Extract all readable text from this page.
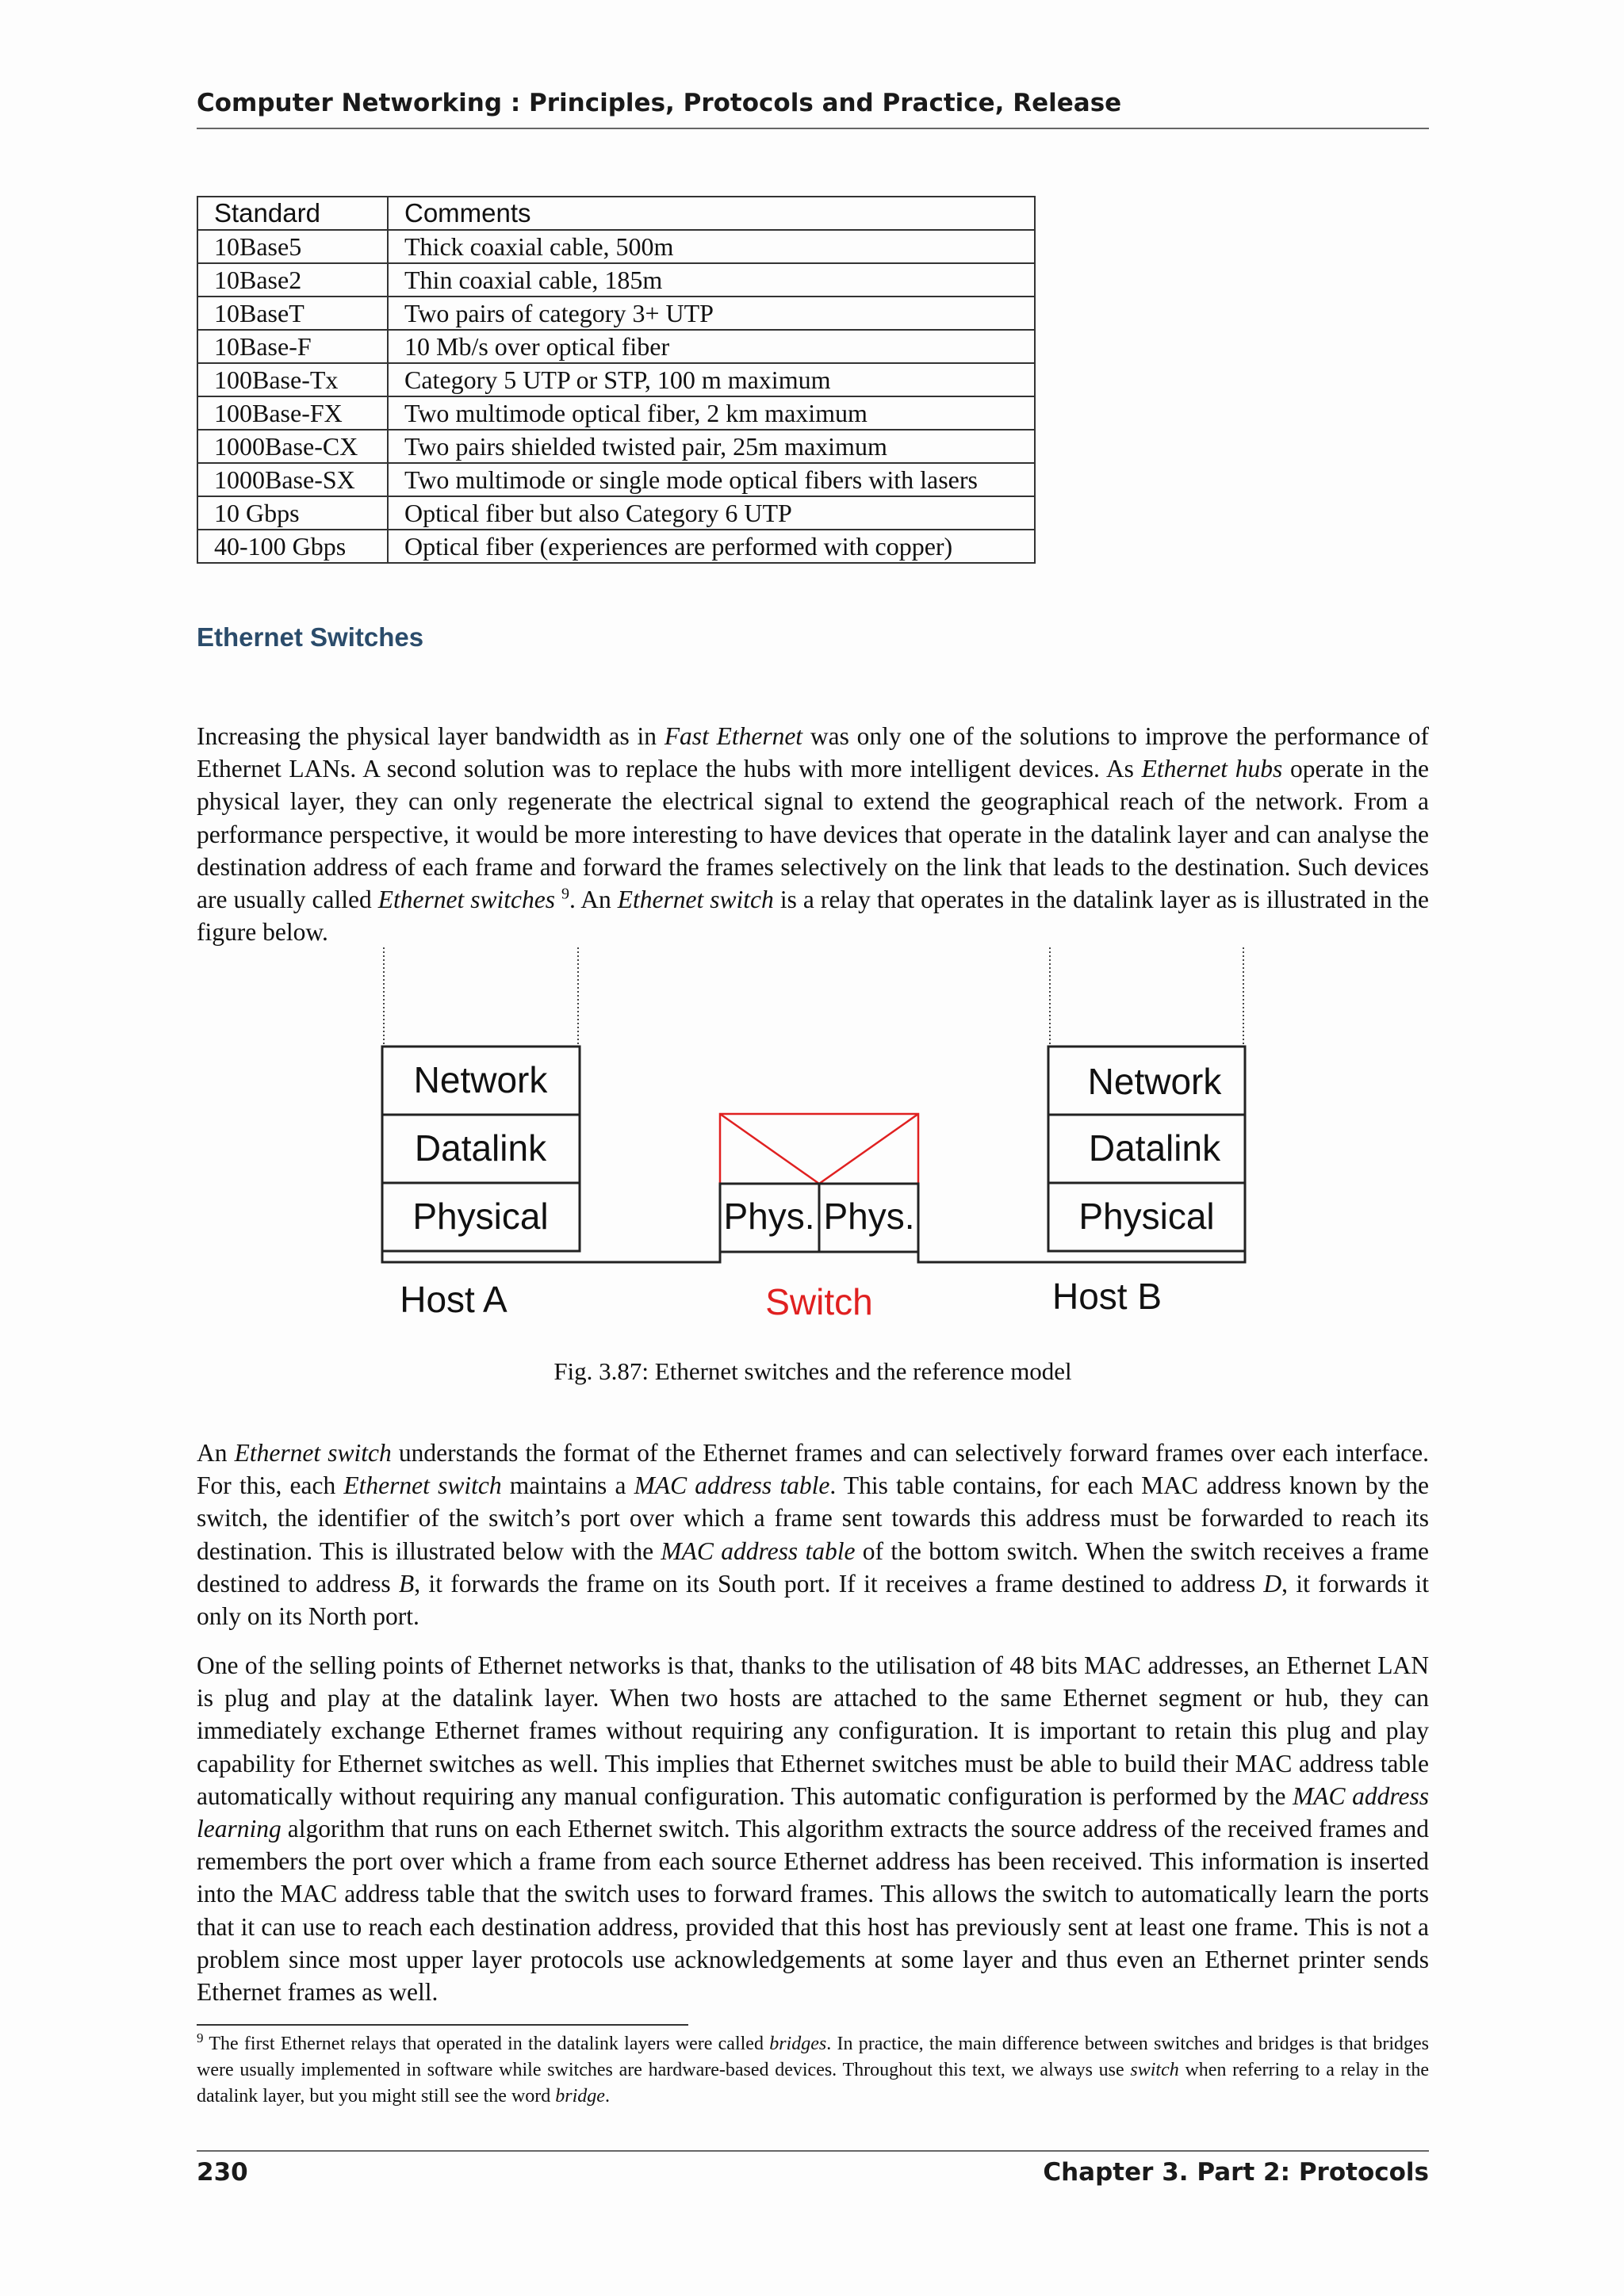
Computer Networking : Principles, Protocols and Practice, Release
Standard	Comments
10Base5	Thick coaxial cable, 500m
10Base2	Thin coaxial cable, 185m
10BaseT	Two pairs of category 3+ UTP
10Base-F	10 Mb/s over optical fiber
100Base-Tx	Category 5 UTP or STP, 100 m maximum
100Base-FX	Two multimode optical fiber, 2 km maximum
1000Base-CX	Two pairs shielded twisted pair, 25m maximum
1000Base-SX	Two multimode or single mode optical fibers with lasers
10 Gbps	Optical fiber but also Category 6 UTP
40-100 Gbps	Optical fiber (experiences are performed with copper)
Ethernet Switches

Increasing the physical layer bandwidth as in Fast Ethernet was only one of the solutions to improve the performance of Ethernet LANs. A second solution was to replace the hubs with more intelligent devices. As Ethernet hubs operate in the physical layer, they can only regenerate the electrical signal to extend the geographical reach of the network. From a performance perspective, it would be more interesting to have devices that operate in the datalink layer and can analyse the destination address of each frame and forward the frames selectively on the link that leads to the destination. Such devices are usually called Ethernet switches $^9$. An Ethernet switch is a relay that operates in the datalink layer as is illustrated in the figure below.

Network
Datalink
Physical
Host A
Phys. Phys.
Switch
Network
Datalink
Physical
Host B
Fig. 3.87: Ethernet switches and the reference model

An Ethernet switch understands the format of the Ethernet frames and can selectively forward frames over each interface. For this, each Ethernet switch maintains a MAC address table. This table contains, for each MAC address known by the switch, the identifier of the switch’s port over which a frame sent towards this address must be forwarded to reach its destination. This is illustrated below with the MAC address table of the bottom switch. When the switch receives a frame destined to address B, it forwards the frame on its South port. If it receives a frame destined to address D, it forwards it only on its North port.

One of the selling points of Ethernet networks is that, thanks to the utilisation of 48 bits MAC addresses, an Ethernet LAN is plug and play at the datalink layer. When two hosts are attached to the same Ethernet segment or hub, they can immediately exchange Ethernet frames without requiring any configuration. It is important to retain this plug and play capability for Ethernet switches as well. This implies that Ethernet switches must be able to build their MAC address table automatically without requiring any manual configuration. This automatic configuration is performed by the MAC address learning algorithm that runs on each Ethernet switch. This algorithm extracts the source address of the received frames and remembers the port over which a frame from each source Ethernet address has been received. This information is inserted into the MAC address table that the switch uses to forward frames. This allows the switch to automatically learn the ports that it can use to reach each destination address, provided that this host has previously sent at least one frame. This is not a problem since most upper layer protocols use acknowledgements at some layer and thus even an Ethernet printer sends Ethernet frames as well.

$^9$ The first Ethernet relays that operated in the datalink layers were called bridges. In practice, the main difference between switches and bridges is that bridges were usually implemented in software while switches are hardware-based devices. Throughout this text, we always use switch when referring to a relay in the datalink layer, but you might still see the word bridge.

230	Chapter 3. Part 2: Protocols
